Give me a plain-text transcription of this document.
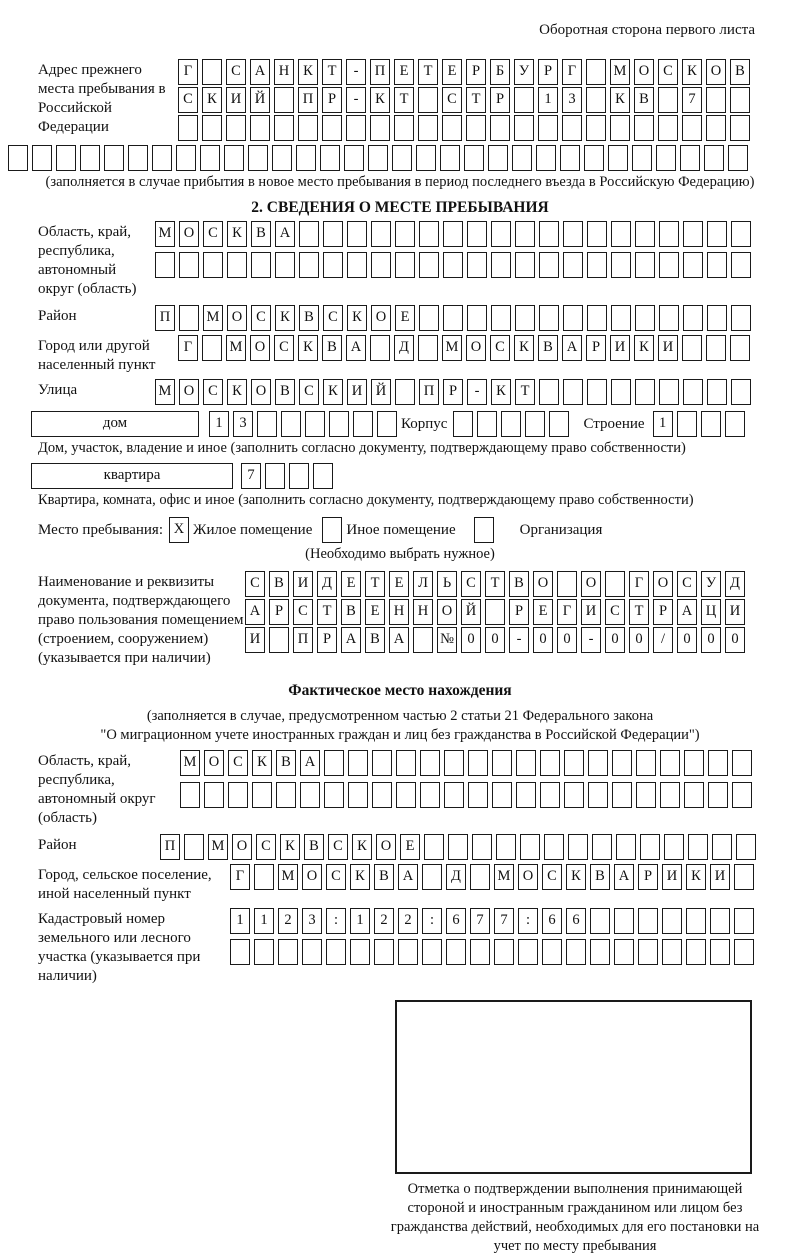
Оборотная сторона первого листа
Адрес прежнего места пребывания в Российской Федерации
Г	С А Н К	Т	-	П Е	Т	Е	Р	Б	У	Р	Г	М О С К О В
С К И Й	П	Р	-	К	Т	С	Т	Р	1	3	К В	7
(заполняется в случае прибытия в новое место пребывания в период последнего въезда в Российскую Федерацию)
2. СВЕДЕНИЯ О МЕСТЕ ПРЕБЫВАНИЯ
Область, край, республика, автономный округ (область)
М О С К В А
Район	П	М О С К В С К О Е
Город или другой населенный пункт
Г	М О С К В А	Д	М О С К В А	Р	И К И
Улица	М О С К О В С К И Й	П	Р	-	К	Т
дом	1	3	Корпус	Строение 1
Дом, участок, владение и иное (заполнить согласно документу, подтверждающему право собственности)
квартира	7
Квартира, комната, офис и иное (заполнить согласно документу, подтверждающему право собственности)
Место пребывания: X Жилое помещение Иное помещение	Организация
(Необходимо выбрать нужное)
Наименование и реквизиты документа, подтверждающего право пользования помещением (строением, сооружением) (указывается при наличии)
С В И Д	Е	Т	Е	Л	Ь	С	Т	В О	О	Г	О С У Д
А	Р	С	Т	В	Е Н Н О Й	Р	Е	Г	И С	Т	Р	А Ц И
И	П	Р	А В А	№ 0	0	-	0	0	-	0	0	/	0	0	0
Фактическое место нахождения
(заполняется в случае, предусмотренном частью 2 статьи 21 Федерального закона
"О миграционном учете иностранных граждан и лиц без гражданства в Российской Федерации")
Область, край, республика, автономный округ (область)
М О С К В А
Район	П	М О С К В С К О Е
Город, сельское поселение, иной населенный пункт
Г	М О С К В А	Д	М О С К В А	Р	И К И
Кадастровый номер земельного или лесного участка (указывается при наличии)
1	1	2	3	:	1	2	2	:	6	7	7	:	6	6
Отметка о подтверждении выполнения принимающей стороной и иностранным гражданином или лицом без гражданства действий, необходимых для его постановки на учет по месту пребывания
